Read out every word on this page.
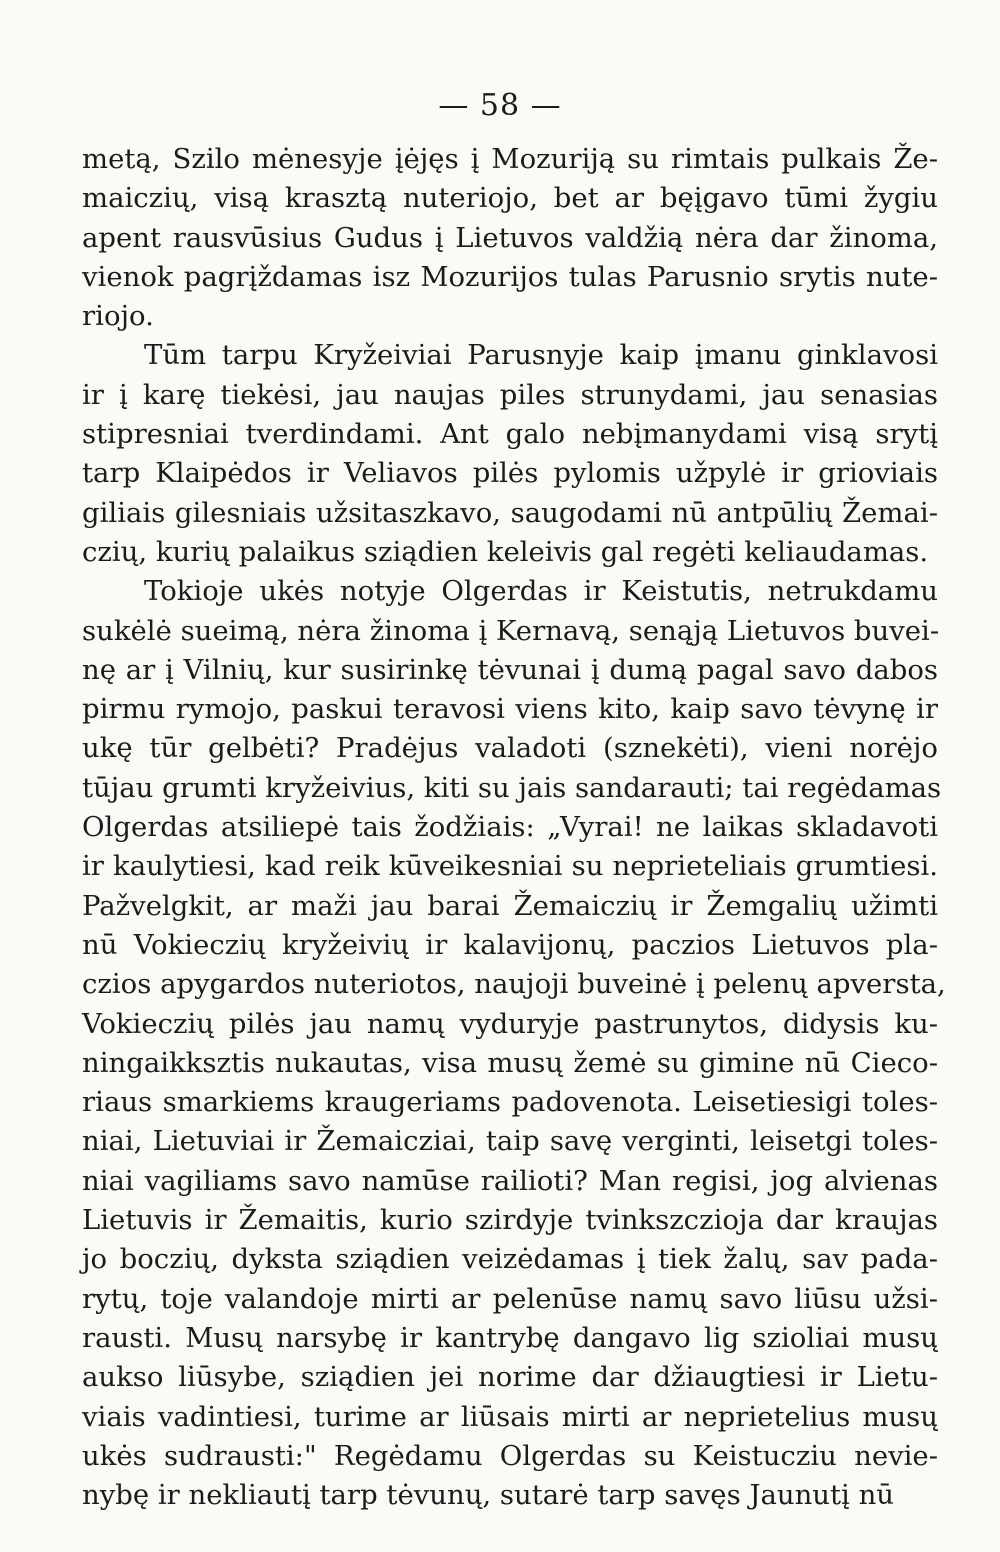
— 58 —
metą, Szilo mėnesyje įėjęs į Mozuriją su rimtais pulkais Že-
maiczių, visą krasztą nuteriojo, bet ar bęįgavo tūmi žygiu
apent rausvūsius Gudus į Lietuvos valdžią nėra dar žinoma,
vienok pagrįždamas isz Mozurijos tulas Parusnio srytis nute-
riojo.
Tūm tarpu Kryžeiviai Parusnyje kaip įmanu ginklavosi
ir į karę tiekėsi, jau naujas piles strunydami, jau senasias
stipresniai tverdindami. Ant galo nebįmanydami visą srytį
tarp Klaipėdos ir Veliavos pilės pylomis užpylė ir grioviais
giliais gilesniais užsitaszkavo, saugodami nū antpūlių Žemai-
czių, kurių palaikus sziądien keleivis gal regėti keliaudamas.
Tokioje ukės notyje Olgerdas ir Keistutis, netrukdamu
sukėlė sueimą, nėra žinoma į Kernavą, senąją Lietuvos buvei-
nę ar į Vilnių, kur susirinkę tėvunai į dumą pagal savo dabos
pirmu rymojo, paskui teravosi viens kito, kaip savo tėvynę ir
ukę tūr gelbėti? Pradėjus valadoti (sznekėti), vieni norėjo
tūjau grumti kryžeivius, kiti su jais sandarauti; tai regėdamas
Olgerdas atsiliepė tais žodžiais: „Vyrai! ne laikas skladavoti
ir kaulytiesi, kad reik kūveikesniai su neprieteliais grumtiesi.
Pažvelgkit, ar maži jau barai Žemaiczių ir Žemgalių užimti
nū Vokieczių kryžeivių ir kalavijonų, paczios Lietuvos pla-
czios apygardos nuteriotos, naujoji buveinė į pelenų apversta,
Vokieczių pilės jau namų vyduryje pastrunytos, didysis ku-
ningaikksztis nukautas, visa musų žemė su gimine nū Cieco-
riaus smarkiems kraugeriams padovenota. Leisetiesigi toles-
niai, Lietuviai ir Žemaicziai, taip savę verginti, leisetgi toles-
niai vagiliams savo namūse railioti? Man regisi, jog alvienas
Lietuvis ir Žemaitis, kurio szirdyje tvinkszczioja dar kraujas
jo boczių, dyksta sziądien veizėdamas į tiek žalų, sav pada-
rytų, toje valandoje mirti ar pelenūse namų savo liūsu užsi-
rausti. Musų narsybę ir kantrybę dangavo lig szioliai musų
aukso liūsybe, sziądien jei norime dar džiaugtiesi ir Lietu-
viais vadintiesi, turime ar liūsais mirti ar neprietelius musų
ukės sudrausti:" Regėdamu Olgerdas su Keistucziu nevie-
nybę ir nekliautį tarp tėvunų, sutarė tarp savęs Jaunutį nū
